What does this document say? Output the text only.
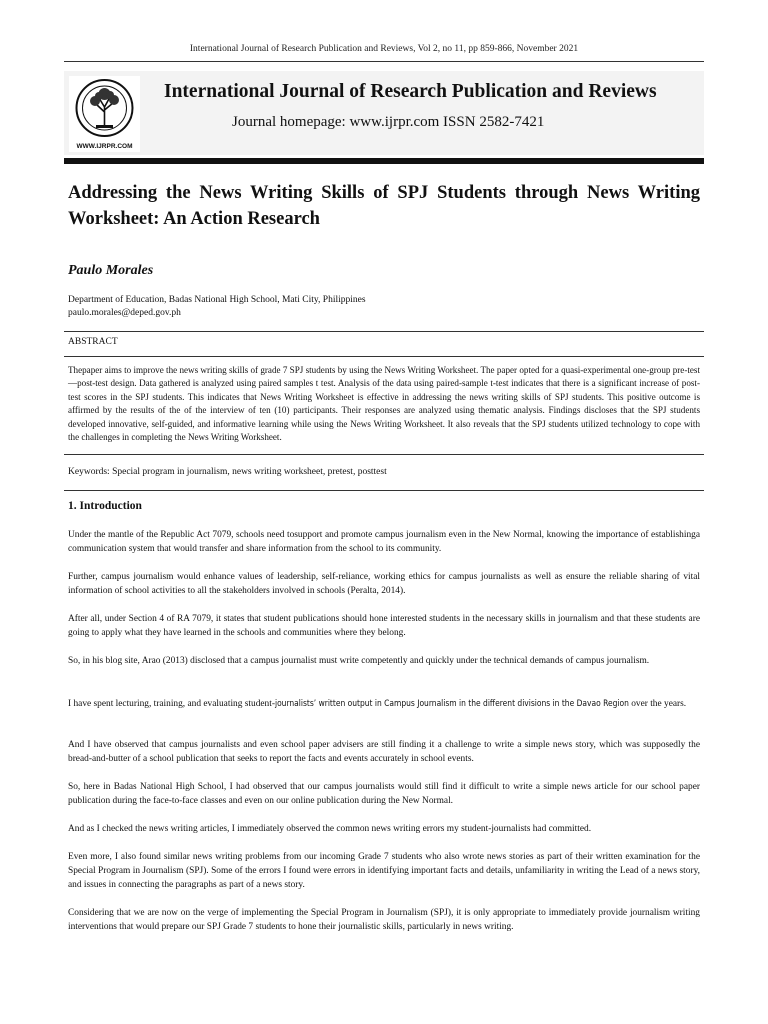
International Journal of Research Publication and Reviews, Vol 2, no 11, pp 859-866, November 2021
WWW.IJRPR.COM
International Journal of Research Publication and Reviews
Journal homepage: www.ijrpr.com ISSN 2582-7421
Addressing the News Writing Skills of SPJ Students through News Writing Worksheet: An Action Research
Paulo Morales
Department of Education, Badas National High School, Mati City, Philippines
paulo.morales@deped.gov.ph
ABSTRACT
Thepaper aims to improve the news writing skills of grade 7 SPJ students by using the News Writing Worksheet. The paper opted for a quasi-experimental one-group pre-test—post-test design. Data gathered is analyzed using paired samples t test. Analysis of the data using paired-sample t-test indicates that there is a significant increase of post-test scores in the SPJ students. This indicates that News Writing Worksheet is effective in addressing the news writing skills of SPJ students. This positive outcome is affirmed by the results of the of the interview of ten (10) participants. Their responses are analyzed using thematic analysis. Findings discloses that the SPJ students developed innovative, self-guided, and informative learning while using the News Writing Worksheet. It also reveals that the SPJ students utilized technology to cope with the challenges in completing the News Writing Worksheet.
Keywords: Special program in journalism, news writing worksheet, pretest, posttest
1. Introduction
Under the mantle of the Republic Act 7079, schools need tosupport and promote campus journalism even in the New Normal, knowing the importance of establishinga communication system that would transfer and share information from the school to its community.
Further, campus journalism would enhance values of leadership, self-reliance, working ethics for campus journalists as well as ensure the reliable sharing of vital information of school activities to all the stakeholders involved in schools (Peralta, 2014).
After all, under Section 4 of RA 7079, it states that student publications should hone interested students in the necessary skills in journalism and that these students are going to apply what they have learned in the schools and communities where they belong.
So, in his blog site, Arao (2013) disclosed that a campus journalist must write competently and quickly under the technical demands of campus journalism.
I have spent lecturing, training, and evaluating student-journalists’ written output in Campus Journalism in the different divisions in the Davao Region over the years.
And I have observed that campus journalists and even school paper advisers are still finding it a challenge to write a simple news story, which was supposedly the bread-and-butter of a school publication that seeks to report the facts and events accurately in school events.
So, here in Badas National High School, I had observed that our campus journalists would still find it difficult to write a simple news article for our school paper publication during the face-to-face classes and even on our online publication during the New Normal.
And as I checked the news writing articles, I immediately observed the common news writing errors my student-journalists had committed.
Even more, I also found similar news writing problems from our incoming Grade 7 students who also wrote news stories as part of their written examination for the Special Program in Journalism (SPJ). Some of the errors I found were errors in identifying important facts and details, unfamiliarity in writing the Lead of a news story, and issues in connecting the paragraphs as part of a news story.
Considering that we are now on the verge of implementing the Special Program in Journalism (SPJ), it is only appropriate to immediately provide journalism writing interventions that would prepare our SPJ Grade 7 students to hone their journalistic skills, particularly in news writing.
